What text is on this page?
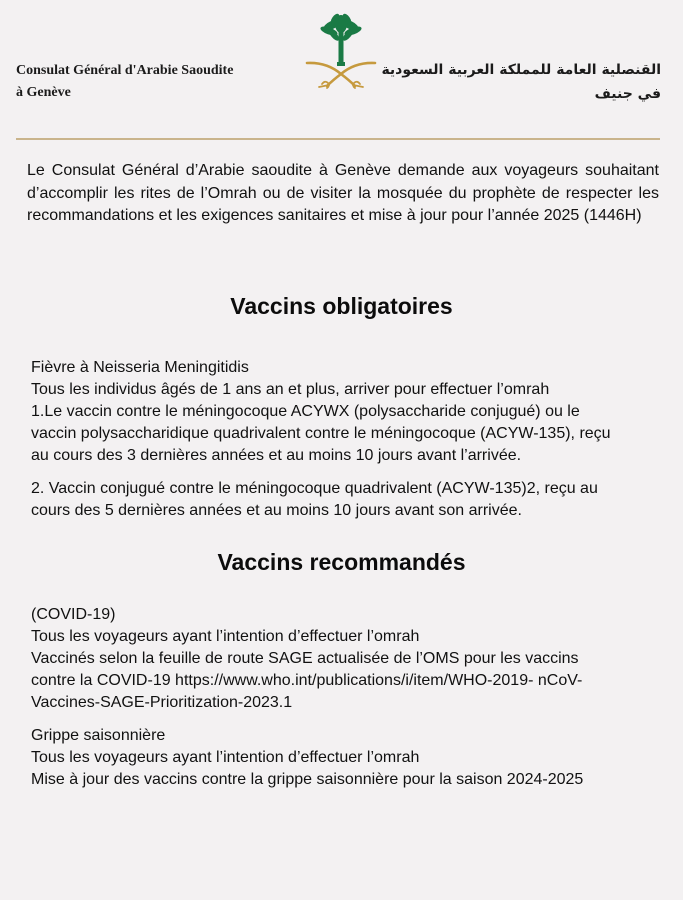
Consulat Général d'Arabie Saoudite
à Genève
القنصلية العامة للمملكة العربية السعودية
في جنيف
Le Consulat Général d’Arabie saoudite à Genève demande aux voyageurs souhaitant d’accomplir les rites de l’Omrah ou de visiter la mosquée du prophète de respecter les recommandations et les exigences sanitaires et mise à jour pour l’année 2025 (1446H)
Vaccins obligatoires
Fièvre à Neisseria Meningitidis
Tous les individus âgés de 1 ans an et plus, arriver pour effectuer l’omrah
1.Le vaccin contre le méningocoque ACYWX (polysaccharide conjugué) ou le
vaccin polysaccharidique quadrivalent contre le méningocoque (ACYW-135), reçu
au cours des 3 dernières années et au moins 10 jours avant l’arrivée.
2. Vaccin conjugué contre le méningocoque quadrivalent (ACYW-135)2, reçu au
cours des 5 dernières années et au moins 10 jours avant son arrivée.
Vaccins recommandés
(COVID-19)
Tous les voyageurs ayant l’intention d’effectuer l’omrah
Vaccinés selon la feuille de route SAGE actualisée de l’OMS pour les vaccins
contre la COVID-19 https://www.who.int/publications/i/item/WHO-2019- nCoV-
Vaccines-SAGE-Prioritization-2023.1
Grippe saisonnière
Tous les voyageurs ayant l’intention d’effectuer l’omrah
Mise à jour des vaccins contre la grippe saisonnière pour la saison 2024-2025
